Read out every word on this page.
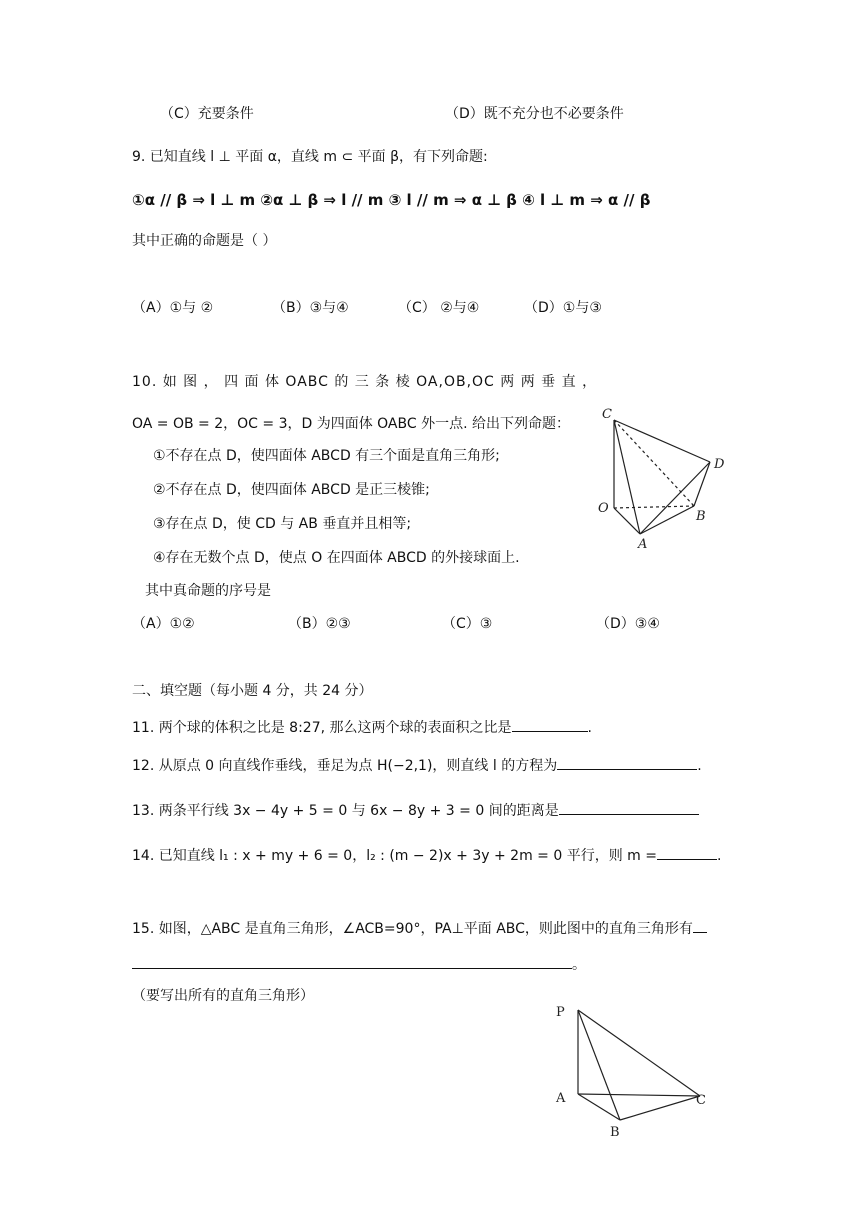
（C）充要条件	（D）既不充分也不必要条件
9. 已知直线 l ⊥ 平面 α，直线 m ⊂ 平面 β，有下列命题:
①α // β ⇒ l ⊥ m ②α ⊥ β ⇒ l // m ③ l // m ⇒ α ⊥ β ④ l ⊥ m ⇒ α // β
其中正确的命题是（ ）
（A）①与 ②	（B）③与④	（C） ②与④	（D）①与③
10. 如 图 ， 四 面 体 OABC 的 三 条 棱 OA,OB,OC 两 两 垂 直 ，
OA = OB = 2，OC = 3，D 为四面体 OABC 外一点. 给出下列命题：
①不存在点 D，使四面体 ABCD 有三个面是直角三角形;
②不存在点 D，使四面体 ABCD 是正三棱锥;
③存在点 D，使 CD 与 AB 垂直并且相等;
④存在无数个点 D，使点 O 在四面体 ABCD 的外接球面上.
其中真命题的序号是
（A）①②	（B）②③	（C）③	（D）③④
C
D
O
B
A
二、填空题（每小题 4 分，共 24 分）
11. 两个球的体积之比是 8:27, 那么这两个球的表面积之比是	.
12. 从原点 0 向直线作垂线，垂足为点 H(−2,1)，则直线 l 的方程为	.
13. 两条平行线 3x − 4y + 5 = 0 与 6x − 8y + 3 = 0 间的距离是
14. 已知直线 l₁ : x + my + 6 = 0，l₂ : (m − 2)x + 3y + 2m = 0 平行，则 m =	.
15. 如图，△ABC 是直角三角形，∠ACB=90°，PA⊥平面 ABC，则此图中的直角三角形有
。
（要写出所有的直角三角形）
P
A	C
B
